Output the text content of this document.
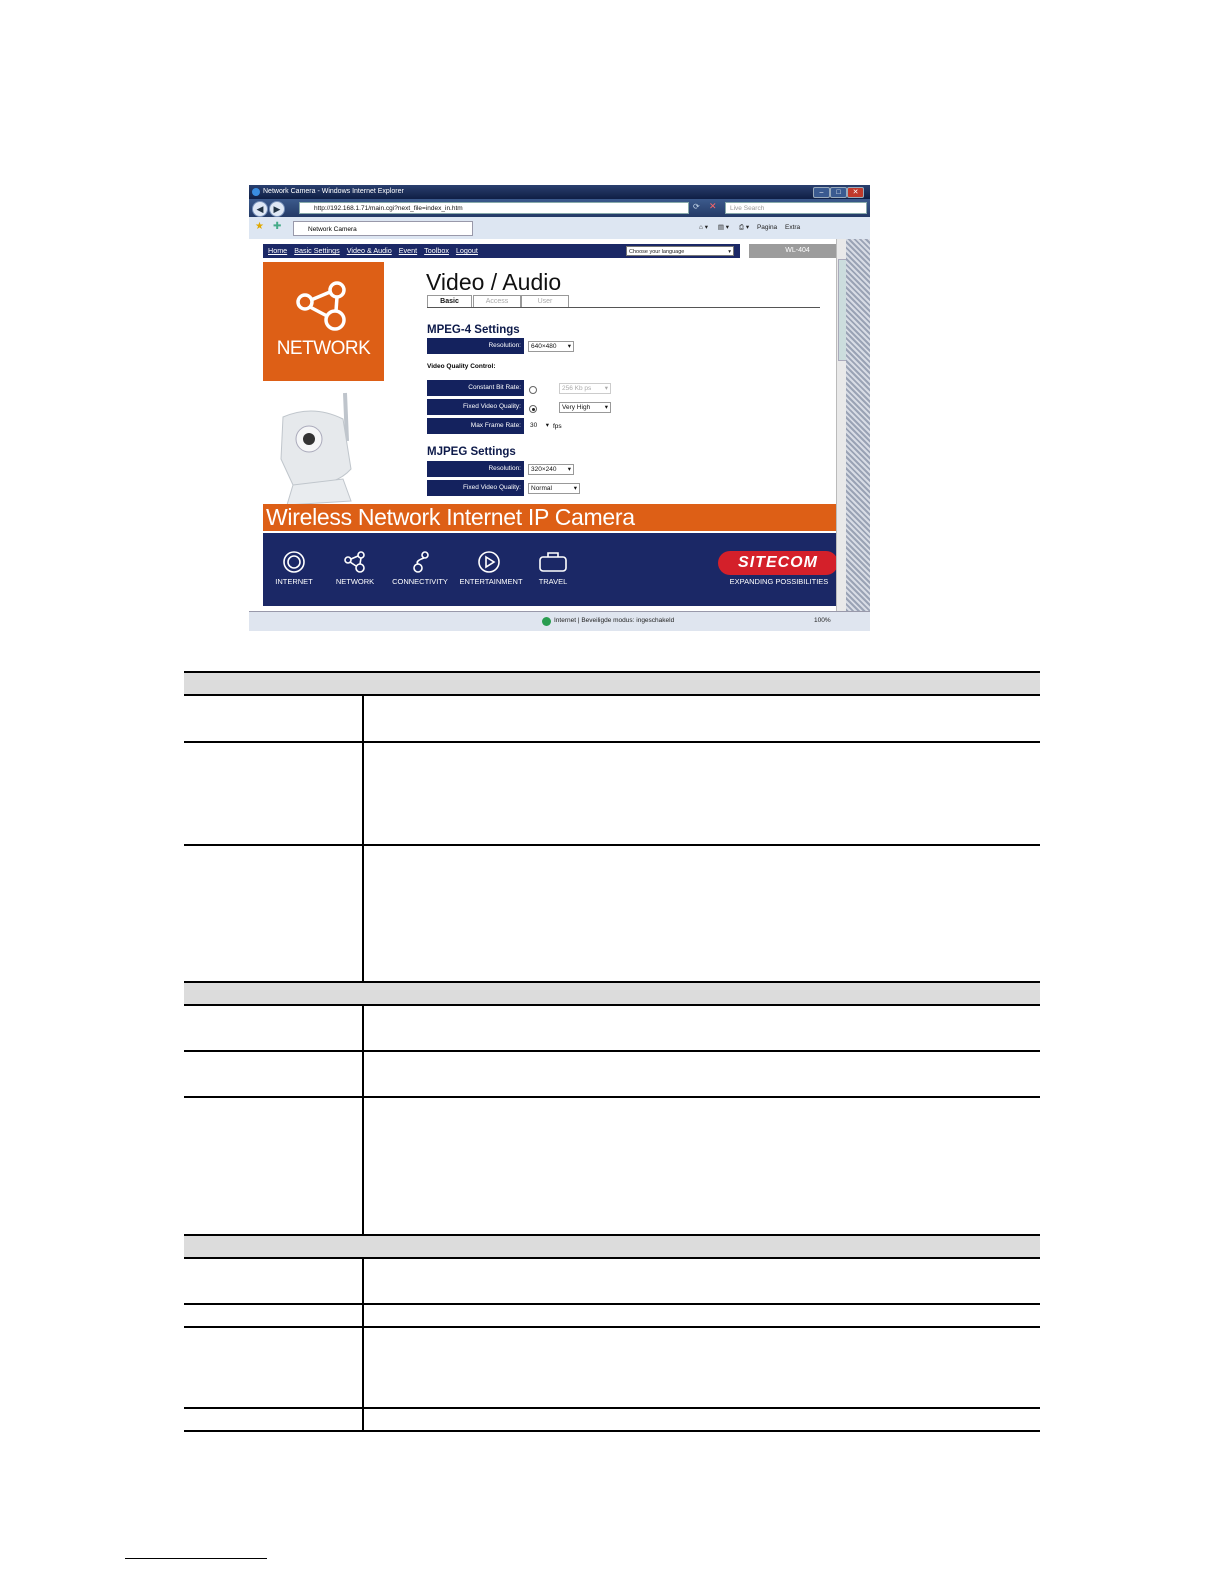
Network Camera - Windows Internet Explorer	–	□	✕
◀	▶	http://192.168.1.71/main.cgi?next_file=index_in.htm	⟳ ✕	Live Search
★ ✚	Network Camera	⌂ ▾ ▤ ▾ ⎙ ▾ Pagina Extra
Home Basic Settings Video & Audio Event Toolbox Logout	Choose your language	▾	WL-404
NETWORK
Video / Audio
Basic	Access	User
MPEG-4 Settings
Resolution:	640×480 ▾
Video Quality Control:
Constant Bit Rate:	256 Kb ps ▾
Fixed Video Quality:	Very High ▾
Max Frame Rate:	30 ▾ fps
MJPEG Settings
Resolution:	320×240 ▾
Fixed Video Quality:	Normal	▾
Wireless Network Internet IP Camera
INTERNET	NETWORK	CONNECTIVITY	ENTERTAINMENT	TRAVEL
SITECOM
EXPANDING POSSIBILITIES
Internet | Beveiligde modus: ingeschakeld	100%
